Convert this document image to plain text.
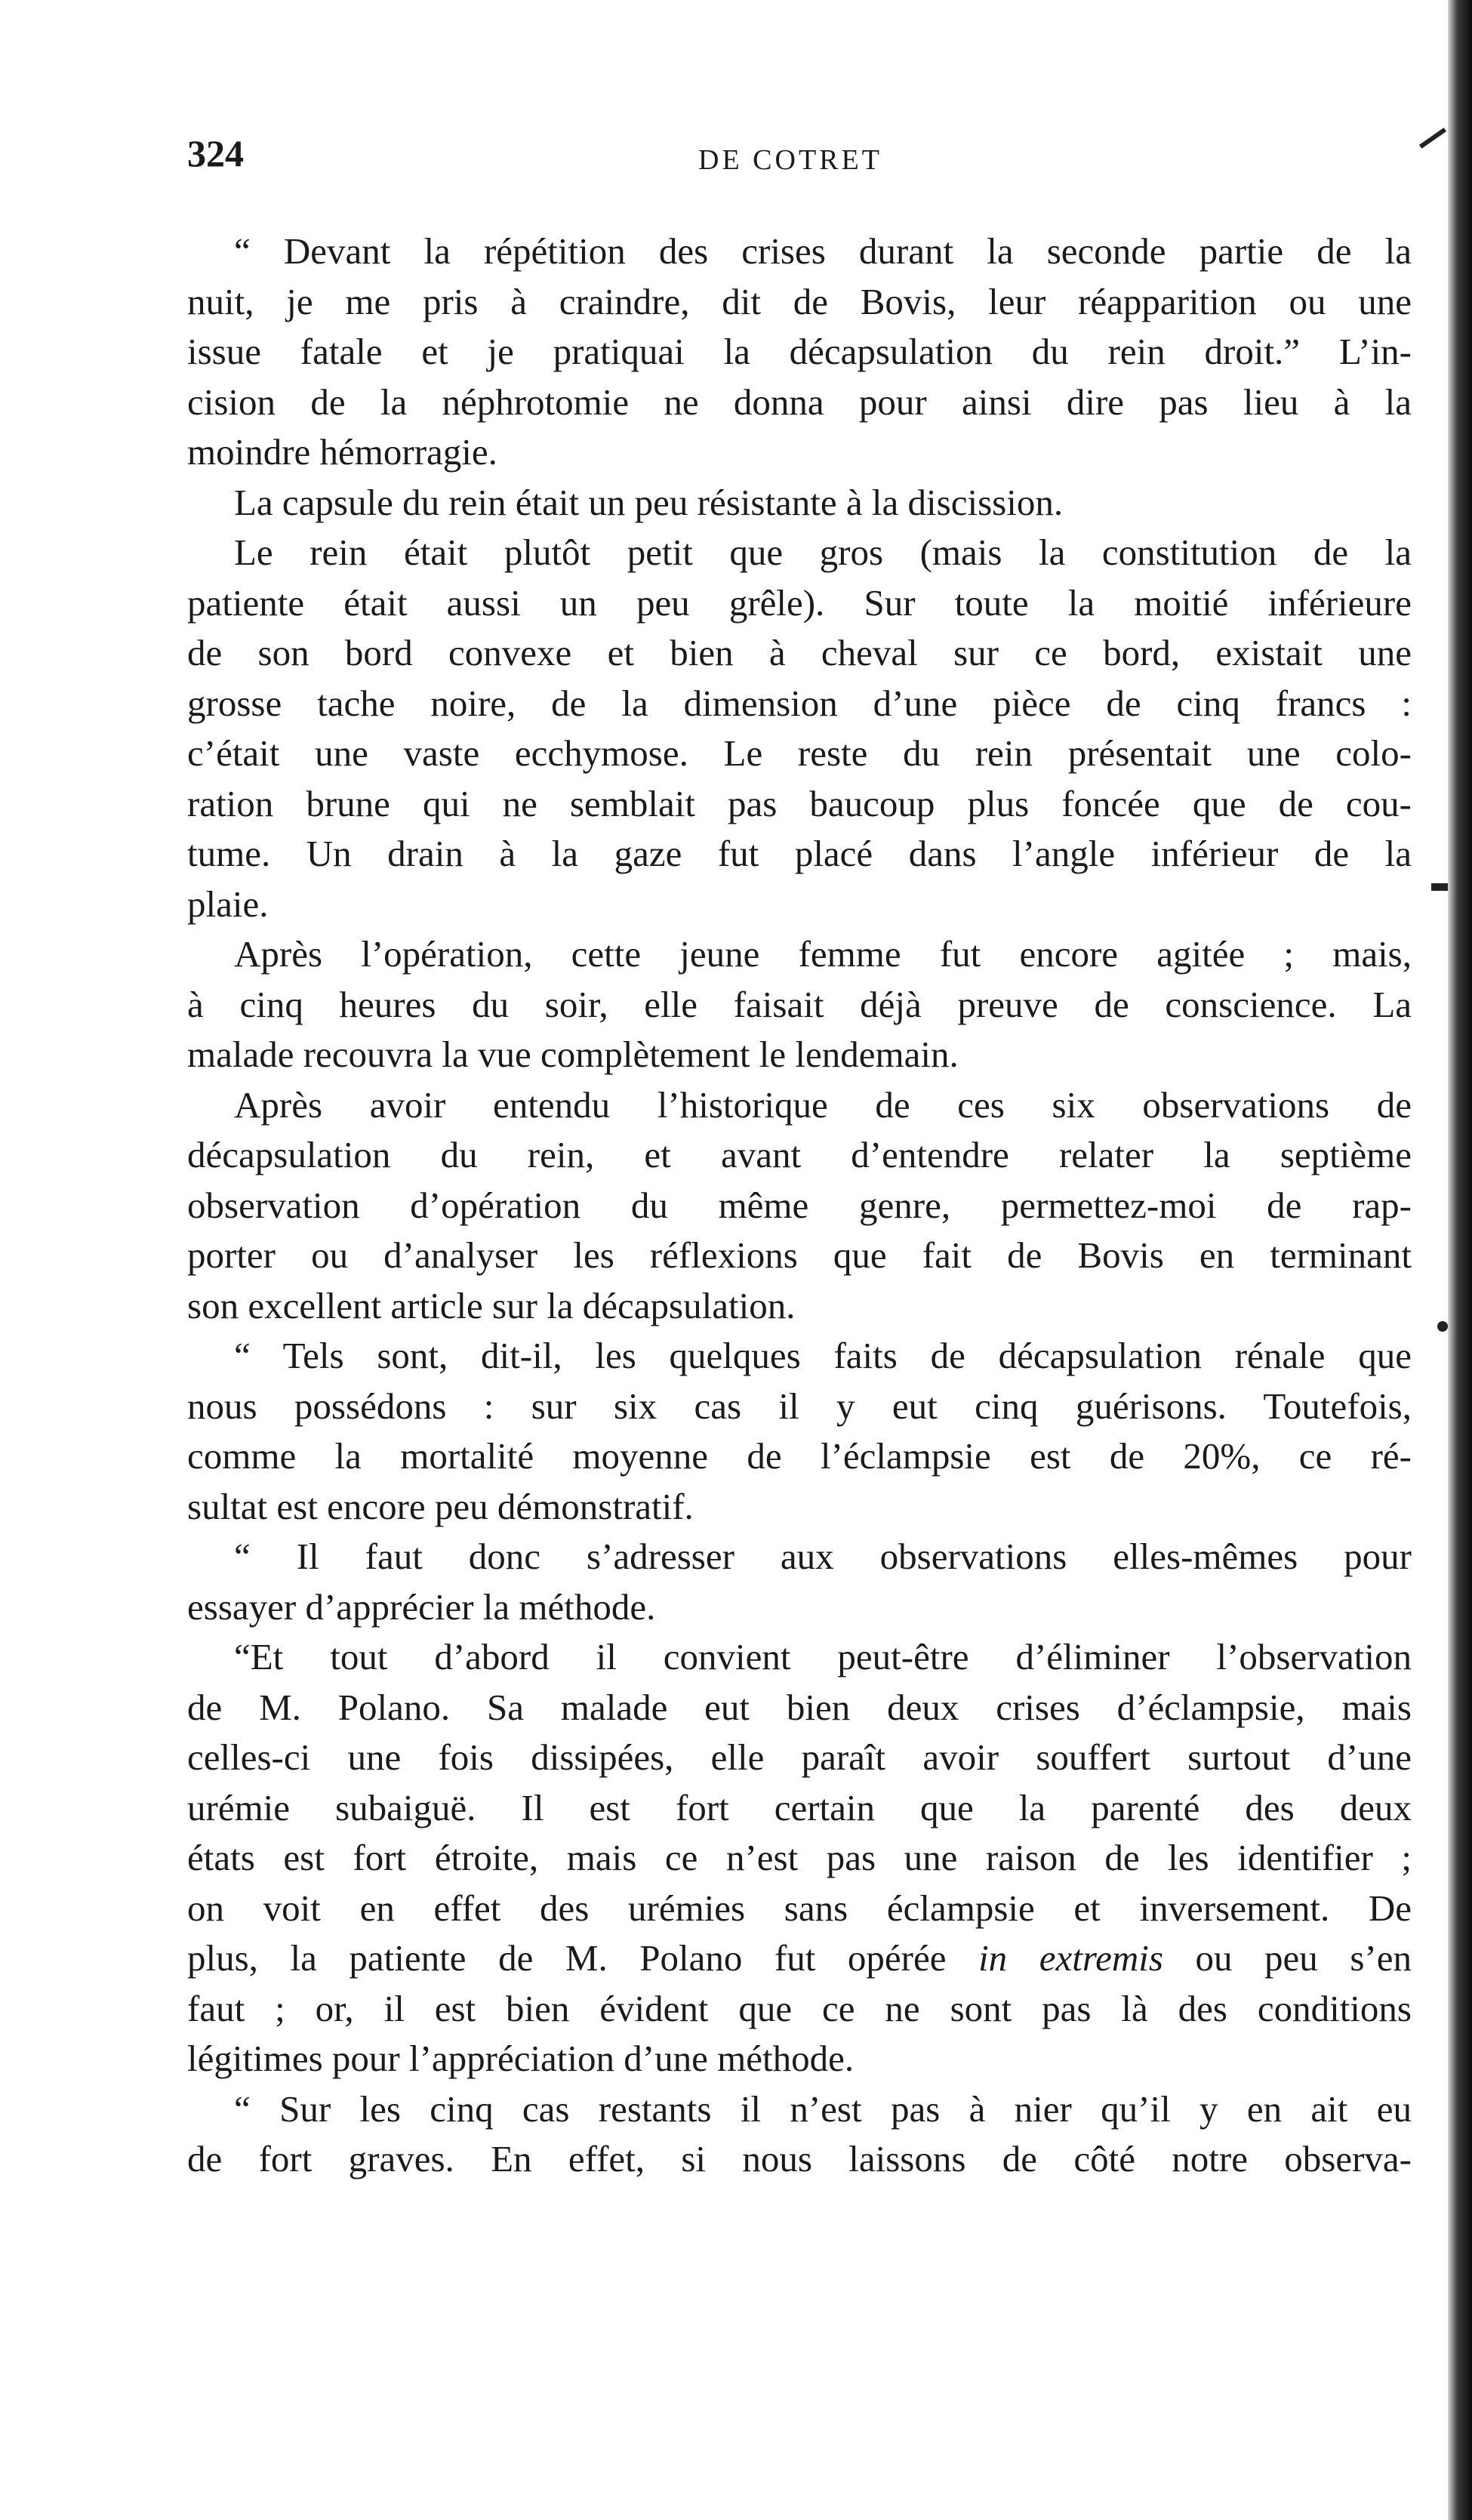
324	DE COTRET
“ Devant la répétition des crises durant la seconde partie de la
nuit, je me pris à craindre, dit de Bovis, leur réapparition ou une
issue fatale et je pratiquai la décapsulation du rein droit.” L’in-
cision de la néphrotomie ne donna pour ainsi dire pas lieu à la
moindre hémorragie.
La capsule du rein était un peu résistante à la discission.
Le rein était plutôt petit que gros (mais la constitution de la
patiente était aussi un peu grêle). Sur toute la moitié inférieure
de son bord convexe et bien à cheval sur ce bord, existait une
grosse tache noire, de la dimension d’une pièce de cinq francs :
c’était une vaste ecchymose. Le reste du rein présentait une colo-
ration brune qui ne semblait pas baucoup plus foncée que de cou-
tume. Un drain à la gaze fut placé dans l’angle inférieur de la
plaie.
Après l’opération, cette jeune femme fut encore agitée ; mais,
à cinq heures du soir, elle faisait déjà preuve de conscience. La
malade recouvra la vue complètement le lendemain.
Après avoir entendu l’historique de ces six observations de
décapsulation du rein, et avant d’entendre relater la septième
observation d’opération du même genre, permettez-moi de rap-
porter ou d’analyser les réflexions que fait de Bovis en terminant
son excellent article sur la décapsulation.
“ Tels sont, dit-il, les quelques faits de décapsulation rénale que
nous possédons : sur six cas il y eut cinq guérisons. Toutefois,
comme la mortalité moyenne de l’éclampsie est de 20%, ce ré-
sultat est encore peu démonstratif.
“ Il faut donc s’adresser aux observations elles-mêmes pour
essayer d’apprécier la méthode.
“Et tout d’abord il convient peut-être d’éliminer l’observation
de M. Polano. Sa malade eut bien deux crises d’éclampsie, mais
celles-ci une fois dissipées, elle paraît avoir souffert surtout d’une
urémie subaiguë. Il est fort certain que la parenté des deux
états est fort étroite, mais ce n’est pas une raison de les identifier ;
on voit en effet des urémies sans éclampsie et inversement. De
plus, la patiente de M. Polano fut opérée in extremis ou peu s’en
faut ; or, il est bien évident que ce ne sont pas là des conditions
légitimes pour l’appréciation d’une méthode.
“ Sur les cinq cas restants il n’est pas à nier qu’il y en ait eu
de fort graves. En effet, si nous laissons de côté notre observa-
